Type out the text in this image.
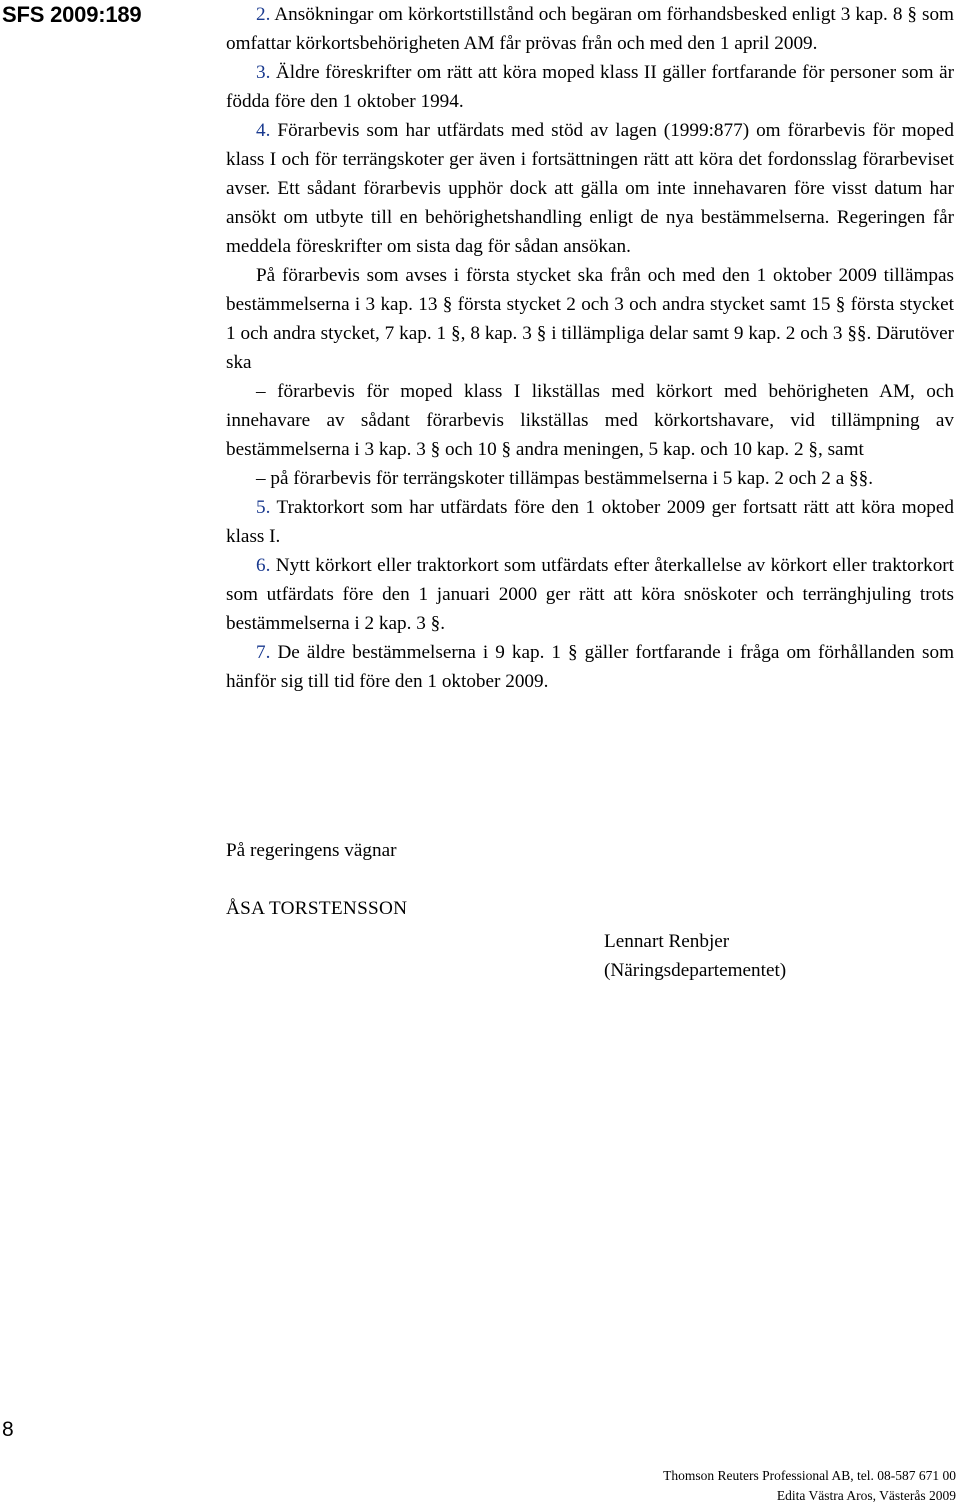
SFS 2009:189	2. Ansökningar om körkortstillstånd och begäran om förhandsbesked enligt 3 kap. 8 § som omfattar körkortsbehörigheten AM får prövas från och med den 1 april 2009.

3. Äldre föreskrifter om rätt att köra moped klass II gäller fortfarande för personer som är födda före den 1 oktober 1994.

4. Förarbevis som har utfärdats med stöd av lagen (1999:877) om förarbevis för moped klass I och för terrängskoter ger även i fortsättningen rätt att köra det fordonsslag förarbeviset avser. Ett sådant förarbevis upphör dock att gälla om inte innehavaren före visst datum har ansökt om utbyte till en behörighetshandling enligt de nya bestämmelserna. Regeringen får meddela föreskrifter om sista dag för sådan ansökan.

På förarbevis som avses i första stycket ska från och med den 1 oktober 2009 tillämpas bestämmelserna i 3 kap. 13 § första stycket 2 och 3 och andra stycket samt 15 § första stycket 1 och andra stycket, 7 kap. 1 §, 8 kap. 3 § i tillämpliga delar samt 9 kap. 2 och 3 §§. Därutöver ska

– förarbevis för moped klass I likställas med körkort med behörigheten AM, och innehavare av sådant förarbevis likställas med körkortshavare, vid tillämpning av bestämmelserna i 3 kap. 3 § och 10 § andra meningen, 5 kap. och 10 kap. 2 §, samt

– på förarbevis för terrängskoter tillämpas bestämmelserna i 5 kap. 2 och 2 a §§.

5. Traktorkort som har utfärdats före den 1 oktober 2009 ger fortsatt rätt att köra moped klass I.

6. Nytt körkort eller traktorkort som utfärdats efter återkallelse av körkort eller traktorkort som utfärdats före den 1 januari 2000 ger rätt att köra snöskoter och terränghjuling trots bestämmelserna i 2 kap. 3 §.

7. De äldre bestämmelserna i 9 kap. 1 § gäller fortfarande i fråga om förhållanden som hänför sig till tid före den 1 oktober 2009.

På regeringens vägnar
ÅSA TORSTENSSON
Lennart Renbjer
(Näringsdepartementet)
8
Thomson Reuters Professional AB, tel. 08-587 671 00
Edita Västra Aros, Västerås 2009
